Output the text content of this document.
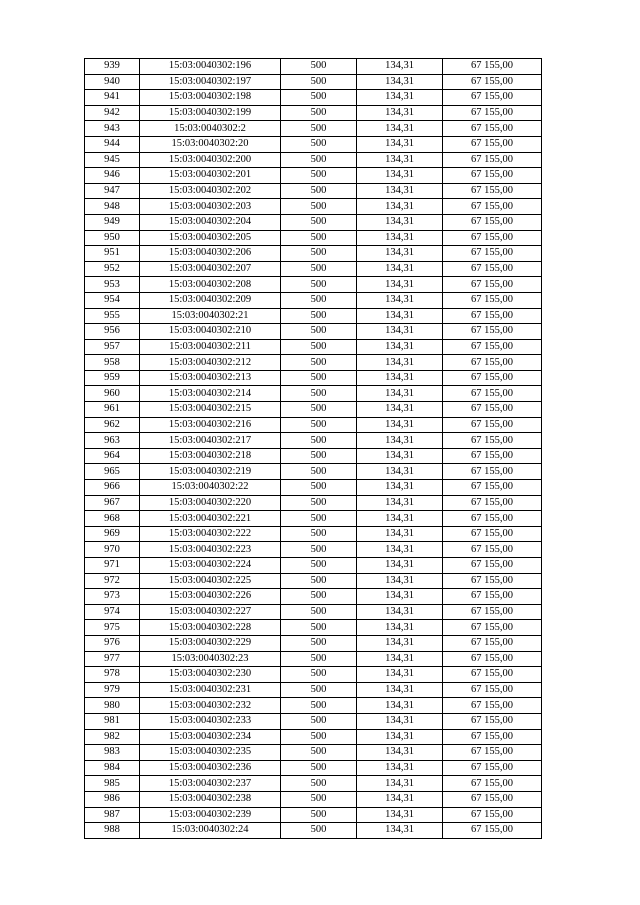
939	15:03:0040302:196	500	134,31	67 155,00
940	15:03:0040302:197	500	134,31	67 155,00
941	15:03:0040302:198	500	134,31	67 155,00
942	15:03:0040302:199	500	134,31	67 155,00
943	15:03:0040302:2	500	134,31	67 155,00
944	15:03:0040302:20	500	134,31	67 155,00
945	15:03:0040302:200	500	134,31	67 155,00
946	15:03:0040302:201	500	134,31	67 155,00
947	15:03:0040302:202	500	134,31	67 155,00
948	15:03:0040302:203	500	134,31	67 155,00
949	15:03:0040302:204	500	134,31	67 155,00
950	15:03:0040302:205	500	134,31	67 155,00
951	15:03:0040302:206	500	134,31	67 155,00
952	15:03:0040302:207	500	134,31	67 155,00
953	15:03:0040302:208	500	134,31	67 155,00
954	15:03:0040302:209	500	134,31	67 155,00
955	15:03:0040302:21	500	134,31	67 155,00
956	15:03:0040302:210	500	134,31	67 155,00
957	15:03:0040302:211	500	134,31	67 155,00
958	15:03:0040302:212	500	134,31	67 155,00
959	15:03:0040302:213	500	134,31	67 155,00
960	15:03:0040302:214	500	134,31	67 155,00
961	15:03:0040302:215	500	134,31	67 155,00
962	15:03:0040302:216	500	134,31	67 155,00
963	15:03:0040302:217	500	134,31	67 155,00
964	15:03:0040302:218	500	134,31	67 155,00
965	15:03:0040302:219	500	134,31	67 155,00
966	15:03:0040302:22	500	134,31	67 155,00
967	15:03:0040302:220	500	134,31	67 155,00
968	15:03:0040302:221	500	134,31	67 155,00
969	15:03:0040302:222	500	134,31	67 155,00
970	15:03:0040302:223	500	134,31	67 155,00
971	15:03:0040302:224	500	134,31	67 155,00
972	15:03:0040302:225	500	134,31	67 155,00
973	15:03:0040302:226	500	134,31	67 155,00
974	15:03:0040302:227	500	134,31	67 155,00
975	15:03:0040302:228	500	134,31	67 155,00
976	15:03:0040302:229	500	134,31	67 155,00
977	15:03:0040302:23	500	134,31	67 155,00
978	15:03:0040302:230	500	134,31	67 155,00
979	15:03:0040302:231	500	134,31	67 155,00
980	15:03:0040302:232	500	134,31	67 155,00
981	15:03:0040302:233	500	134,31	67 155,00
982	15:03:0040302:234	500	134,31	67 155,00
983	15:03:0040302:235	500	134,31	67 155,00
984	15:03:0040302:236	500	134,31	67 155,00
985	15:03:0040302:237	500	134,31	67 155,00
986	15:03:0040302:238	500	134,31	67 155,00
987	15:03:0040302:239	500	134,31	67 155,00
988	15:03:0040302:24	500	134,31	67 155,00
